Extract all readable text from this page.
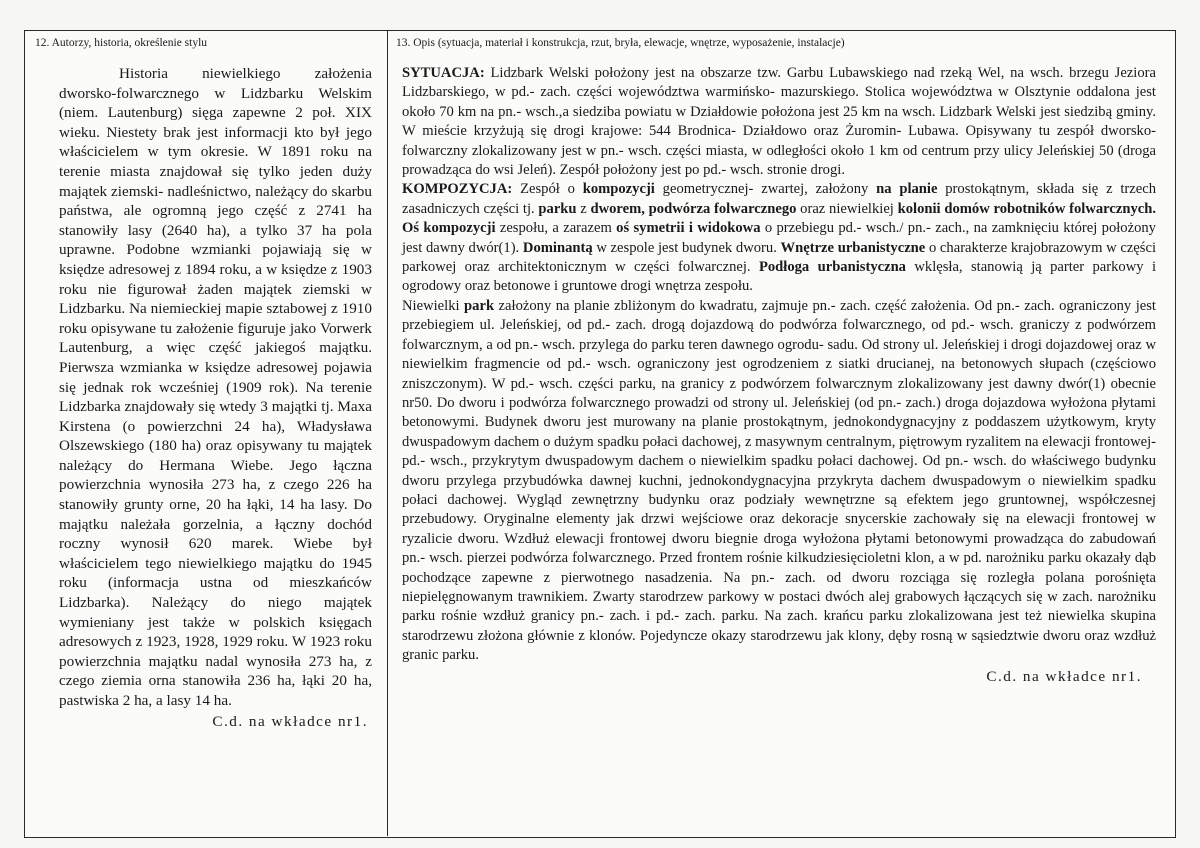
12. Autorzy, historia, określenie stylu
Historia niewielkiego założenia dworsko-folwarcznego w Lidzbarku Welskim (niem. Lautenburg) sięga zapewne 2 poł. XIX wieku. Niestety brak jest informacji kto był jego właścicielem w tym okresie. W 1891 roku na terenie miasta znajdował się tylko jeden duży majątek ziemski- nadleśnictwo, należący do skarbu państwa, ale ogromną jego część z 2741 ha stanowiły lasy (2640 ha), a tylko 37 ha pola uprawne. Podobne wzmianki pojawiają się w księdze adresowej z 1894 roku, a w księdze z 1903 roku nie figurował żaden majątek ziemski w Lidzbarku. Na niemieckiej mapie sztabowej z 1910 roku opisywane tu założenie figuruje jako Vorwerk Lautenburg, a więc część jakiegoś majątku. Pierwsza wzmianka w księdze adresowej pojawia się jednak rok wcześniej (1909 rok). Na terenie Lidzbarka znajdowały się wtedy 3 majątki tj. Maxa Kirstena (o powierzchni 24 ha), Władysława Olszewskiego (180 ha) oraz opisywany tu majątek należący do Hermana Wiebe. Jego łączna powierzchnia wynosiła 273 ha, z czego 226 ha stanowiły grunty orne, 20 ha łąki, 14 ha lasy. Do majątku należała gorzelnia, a łączny dochód roczny wynosił 620 marek. Wiebe był właścicielem tego niewielkiego majątku do 1945 roku (informacja ustna od mieszkańców Lidzbarka). Należący do niego majątek wymieniany jest także w polskich księgach adresowych z 1923, 1928, 1929 roku. W 1923 roku powierzchnia majątku nadal wynosiła 273 ha, z czego ziemia orna stanowiła 236 ha, łąki 20 ha, pastwiska 2 ha, a lasy 14 ha.
C.d. na wkładce nr1.
13. Opis (sytuacja, materiał i konstrukcja, rzut, bryła, elewacje, wnętrze, wyposażenie, instalacje)

SYTUACJA: Lidzbark Welski położony jest na obszarze tzw. Garbu Lubawskiego nad rzeką Wel, na wsch. brzegu Jeziora Lidzbarskiego, w pd.- zach. części województwa warmińsko- mazurskiego. Stolica województwa w Olsztynie oddalona jest około 70 km na pn.- wsch.,a siedziba powiatu w Działdowie położona jest 25 km na wsch. Lidzbark Welski jest siedzibą gminy. W mieście krzyżują się drogi krajowe: 544 Brodnica- Działdowo oraz Żuromin- Lubawa. Opisywany tu zespół dworsko- folwarczny zlokalizowany jest w pn.- wsch. części miasta, w odległości około 1 km od centrum przy ulicy Jeleńskiej 50 (droga prowadząca do wsi Jeleń). Zespół położony jest po pd.- wsch. stronie drogi.

KOMPOZYCJA: Zespół o kompozycji geometrycznej- zwartej, założony na planie prostokątnym, składa się z trzech zasadniczych części tj. parku z dworem, podwórza folwarcznego oraz niewielkiej kolonii domów robotników folwarcznych. Oś kompozycji zespołu, a zarazem oś symetrii i widokowa o przebiegu pd.- wsch./ pn.- zach., na zamknięciu której położony jest dawny dwór(1). Dominantą w zespole jest budynek dworu. Wnętrze urbanistyczne o charakterze krajobrazowym w części parkowej oraz architektonicznym w części folwarcznej. Podłoga urbanistyczna wklęsła, stanowią ją parter parkowy i ogrodowy oraz betonowe i gruntowe drogi wnętrza zespołu.

Niewielki park założony na planie zbliżonym do kwadratu, zajmuje pn.- zach. część założenia. Od pn.- zach. ograniczony jest przebiegiem ul. Jeleńskiej, od pd.- zach. drogą dojazdową do podwórza folwarcznego, od pd.- wsch. graniczy z podwórzem folwarcznym, a od pn.- wsch. przylega do parku teren dawnego ogrodu- sadu. Od strony ul. Jeleńskiej i drogi dojazdowej oraz w niewielkim fragmencie od pd.- wsch. ograniczony jest ogrodzeniem z siatki drucianej, na betonowych słupach (częściowo zniszczonym). W pd.- wsch. części parku, na granicy z podwórzem folwarcznym zlokalizowany jest dawny dwór(1) obecnie nr50. Do dworu i podwórza folwarcznego prowadzi od strony ul. Jeleńskiej (od pn.- zach.) droga dojazdowa wyłożona płytami betonowymi. Budynek dworu jest murowany na planie prostokątnym, jednokondygnacyjny z poddaszem użytkowym, kryty dwuspadowym dachem o dużym spadku połaci dachowej, z masywnym centralnym, piętrowym ryzalitem na elewacji frontowej- pd.- wsch., przykrytym dwuspadowym dachem o niewielkim spadku połaci dachowej. Od pn.- wsch. do właściwego budynku dworu przylega przybudówka dawnej kuchni, jednokondygnacyjna przykryta dachem dwuspadowym o niewielkim spadku połaci dachowej. Wygląd zewnętrzny budynku oraz podziały wewnętrzne są efektem jego gruntownej, współczesnej przebudowy. Oryginalne elementy jak drzwi wejściowe oraz dekoracje snycerskie zachowały się na elewacji frontowej w ryzalicie dworu. Wzdłuż elewacji frontowej dworu biegnie droga wyłożona płytami betonowymi prowadząca do zabudowań pn.- wsch. pierzei podwórza folwarcznego. Przed frontem rośnie kilkudziesięcioletni klon, a w pd. narożniku parku okazały dąb pochodzące zapewne z pierwotnego nasadzenia. Na pn.- zach. od dworu rozciąga się rozległa polana porośnięta niepielęgnowanym trawnikiem. Zwarty starodrzew parkowy w postaci dwóch alej grabowych łączących się w zach. narożniku parku rośnie wzdłuż granicy pn.- zach. i pd.- zach. parku. Na zach. krańcu parku zlokalizowana jest też niewielka skupina starodrzewu złożona głównie z klonów. Pojedyncze okazy starodrzewu jak klony, dęby rosną w sąsiedztwie dworu oraz wzdłuż granic parku.

C.d. na wkładce nr1.
